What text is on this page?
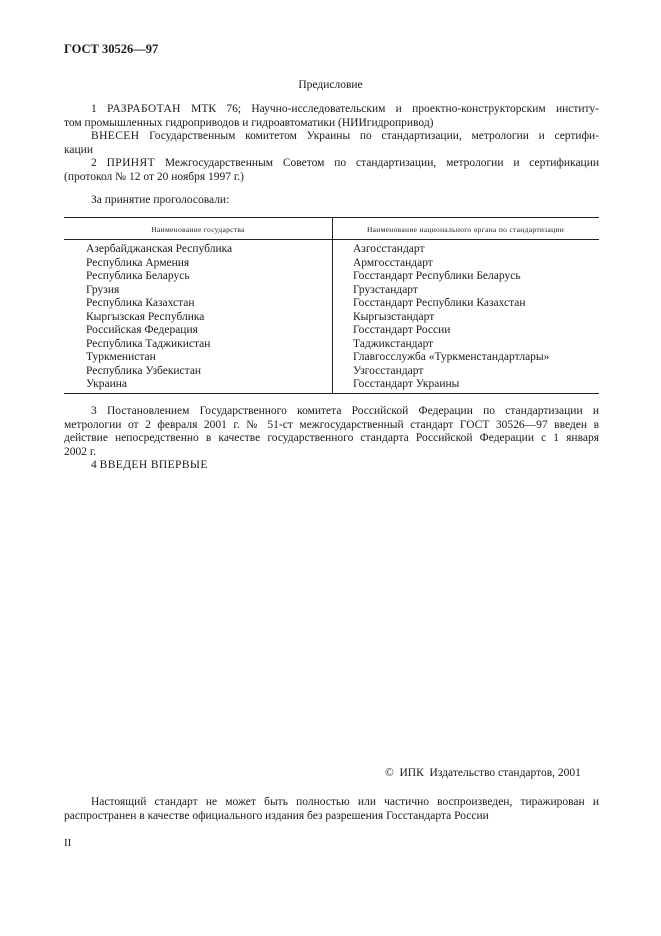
ГОСТ 30526—97
Предисловие
1 РАЗРАБОТАН МТК 76; Научно-исследовательским и проектно-конструкторским институ-
том промышленных гидроприводов и гидроавтоматики (НИИгидропривод)
ВНЕСЕН Государственным комитетом Украины по стандартизации, метрологии и сертифи-
кации
2 ПРИНЯТ Межгосударственным Советом по стандартизации, метрологии и сертификации
(протокол № 12 от 20 ноября 1997 г.)
За принятие проголосовали:
Наименование государства	Наименование национального органа по стандартизации
Азербайджанская Республика
Республика Армения
Республика Беларусь
Грузия
Республика Казахстан
Кыргызская Республика
Российская Федерация
Республика Таджикистан
Туркменистан
Республика Узбекистан
Украина
Азгосстандарт
Армгосстандарт
Госстандарт Республики Беларусь
Грузстандарт
Госстандарт Республики Казахстан
Кыргызстандарт
Госстандарт России
Таджикстандарт
Главгосслужба «Туркменстандартлары»
Узгосстандарт
Госстандарт Украины
3 Постановлением Государственного комитета Российской Федерации по стандартизации и
метрологии от 2 февраля 2001 г. № 51-ст межгосударственный стандарт ГОСТ 30526—97 введен в
действие непосредственно в качестве государственного стандарта Российской Федерации с 1 января
2002 г.
4 ВВЕДЕН ВПЕРВЫЕ
© ИПК Издательство стандартов, 2001
Настоящий стандарт не может быть полностью или частично воспроизведен, тиражирован и
распространен в качестве официального издания без разрешения Госстандарта России
II
